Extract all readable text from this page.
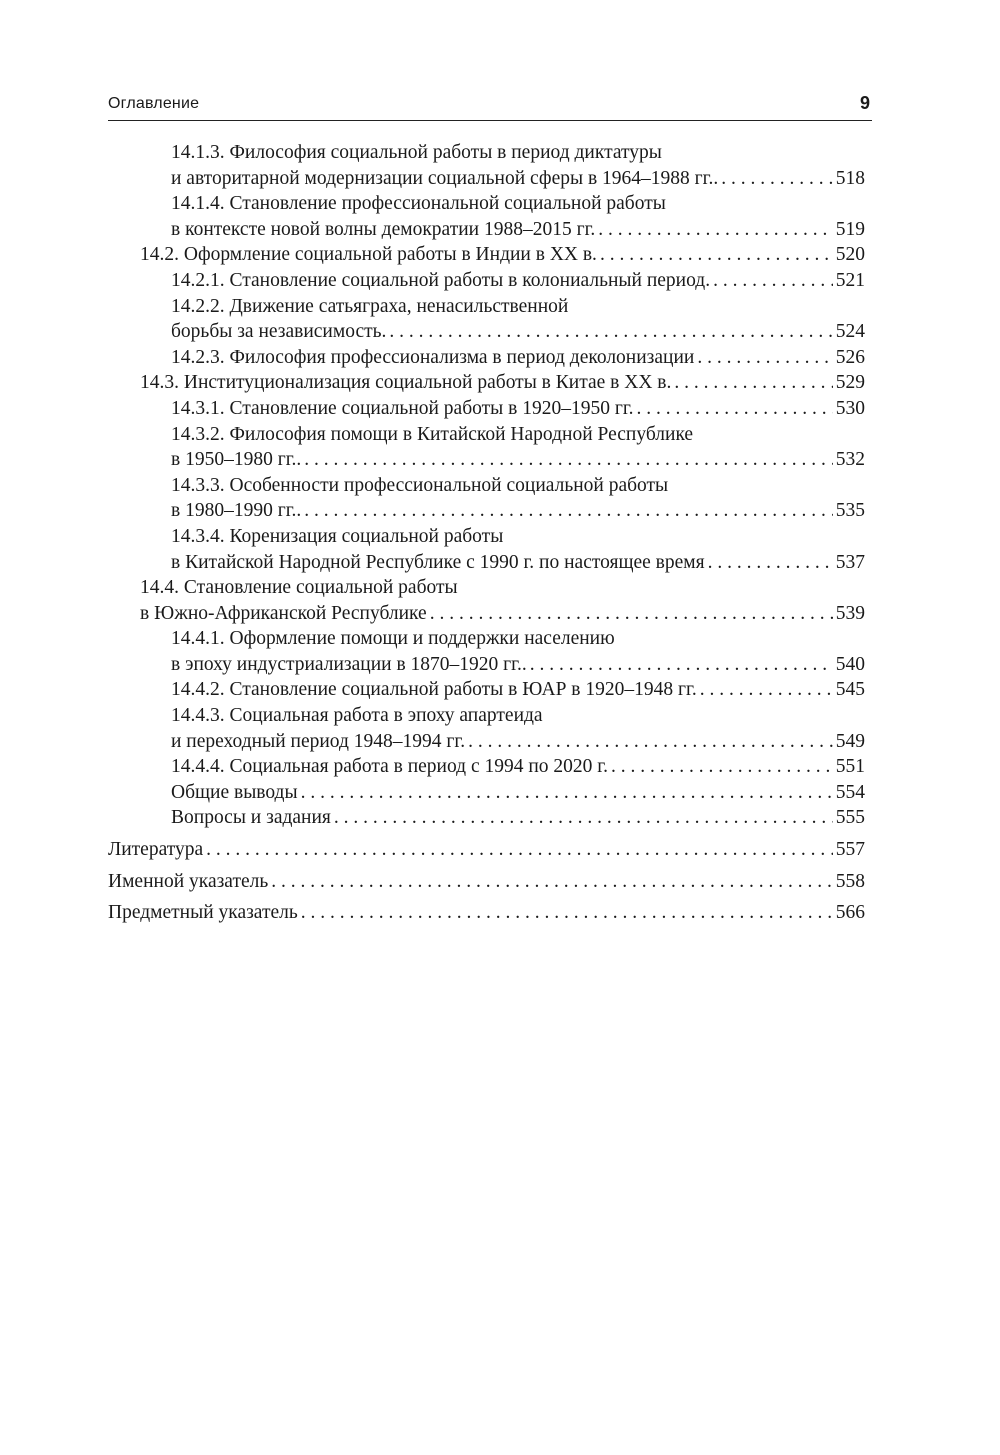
Оглавление	9
14.1.3. Философия социальной работы в период диктатуры
и авторитарной модернизации социальной сферы в 1964–1988 гг.. . . .	518
14.1.4. Становление профессиональной социальной работы
в контексте новой волны демократии 1988–2015 гг. . . .	519
14.2. Оформление социальной работы в Индии в XX в. . . .	520
14.2.1. Становление социальной работы в колониальный период. . . .	521
14.2.2. Движение сатьяграха, ненасильственной
борьбы за независимость. . . .	524
14.2.3. Философия профессионализма в период деколонизации . . .	526
14.3. Институционализация социальной работы в Китае в XX в. . . .	529
14.3.1. Становление социальной работы в 1920–1950 гг. . . .	530
14.3.2. Философия помощи в Китайской Народной Республике
в 1950–1980 гг.. . . .	532
14.3.3. Особенности профессиональной социальной работы
в 1980–1990 гг.. . . .	535
14.3.4. Коренизация социальной работы
в Китайской Народной Республике с 1990 г. по настоящее время . . .	537
14.4. Становление социальной работы
в Южно-Африканской Республике . . .	539
14.4.1. Оформление помощи и поддержки населению
в эпоху индустриализации в 1870–1920 гг.. . . .	540
14.4.2. Становление социальной работы в ЮАР в 1920–1948 гг. . . .	545
14.4.3. Социальная работа в эпоху апартеида
и переходный период 1948–1994 гг. . . .	549
14.4.4. Социальная работа в период с 1994 по 2020 г. . . .	551
Общие выводы . . .	554
Вопросы и задания . . .	555
Литература . . .	557
Именной указатель . . .	558
Предметный указатель . . .	566
